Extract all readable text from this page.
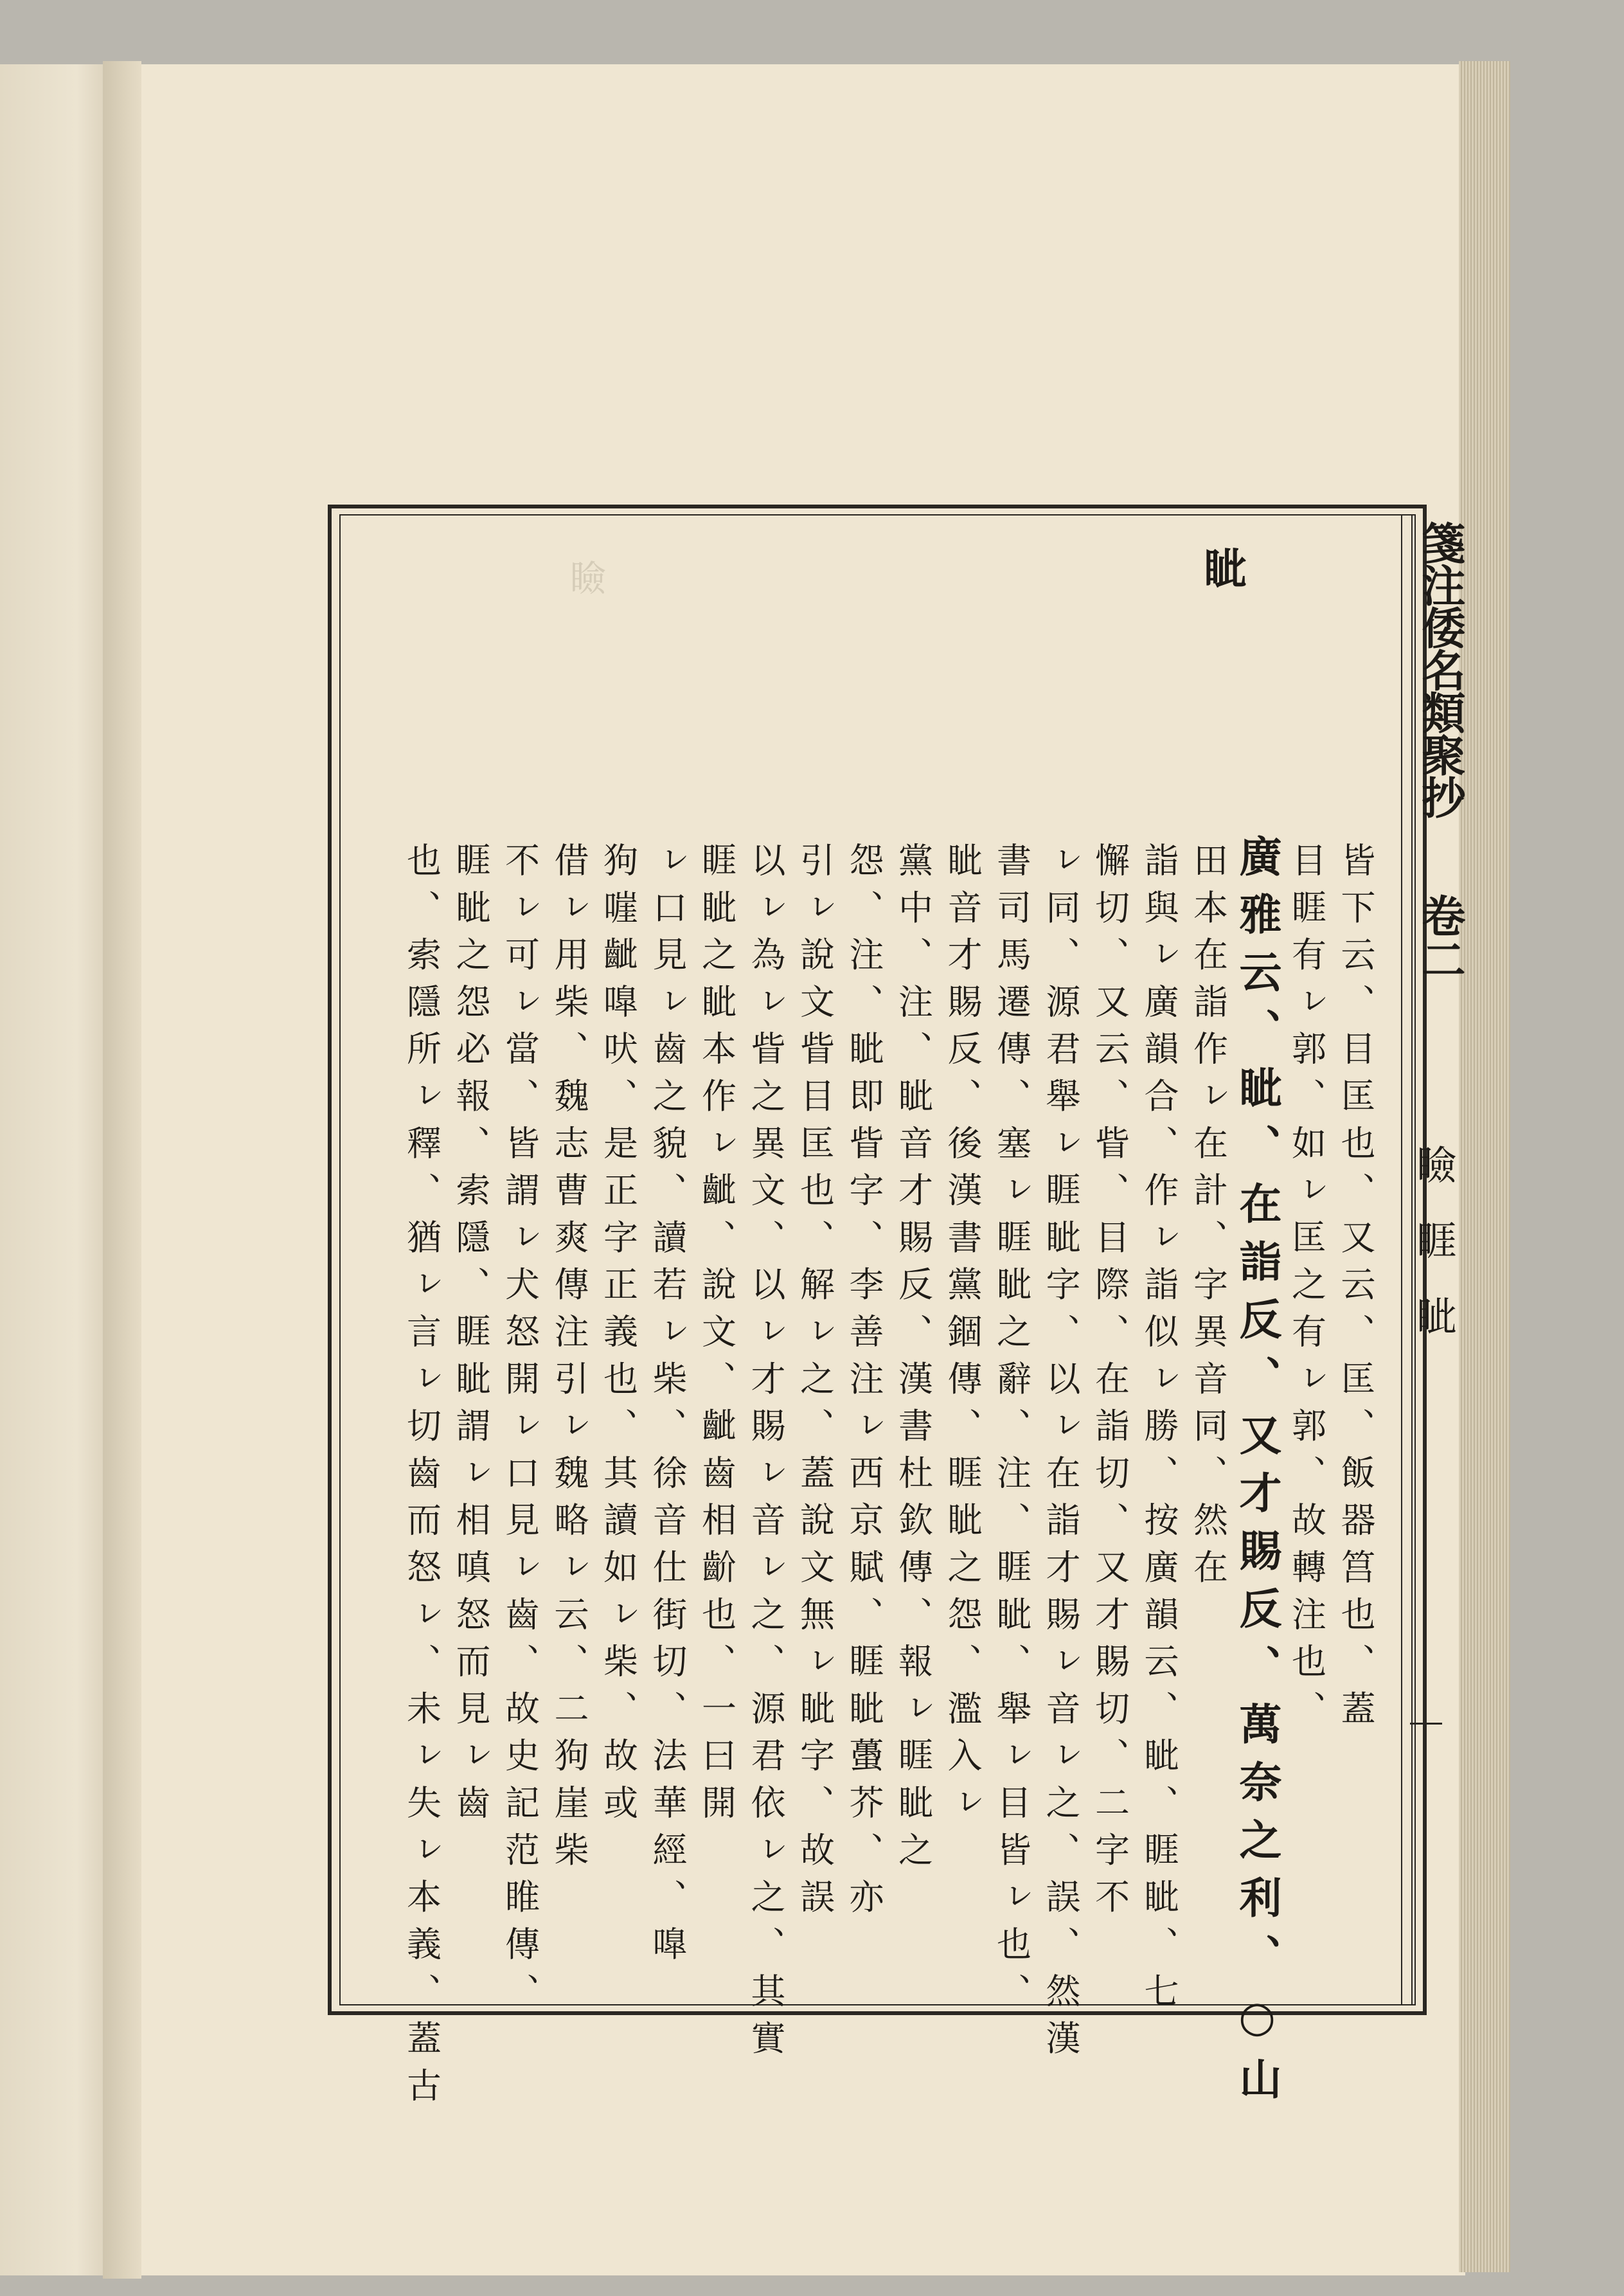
箋注倭名類聚抄
卷二
瞼 睚 眦
眦
瞼
皆下云、目匡也、又云、匡、飯器筥也、蓋
目睚有ㇾ郭、如ㇾ匡之有ㇾ郭、故轉注也、
廣雅云、眦、在詣反、又才賜反、萬奈之利、○山
田本在詣作ㇾ在計、字異音同、然在
詣與ㇾ廣韻合、作ㇾ詣似ㇾ勝、按廣韻云、眦、睚眦、七
懈切、又云、眥、目際、在詣切、又才賜切、二字不
ㇾ同、源君舉ㇾ睚眦字、以ㇾ在詣才賜ㇾ音ㇾ之、誤、然漢
書司馬遷傳、塞ㇾ睚眦之辭、注、睚眦、舉ㇾ目皆ㇾ也、
眦音才賜反、後漢書黨錮傳、睚眦之怨、濫入ㇾ
黨中、注、眦音才賜反、漢書杜欽傳、報ㇾ睚眦之
怨、注、眦即眥字、李善注ㇾ西京賦、睚眦蠆芥、亦
引ㇾ說文眥目匡也、解ㇾ之、蓋說文無ㇾ眦字、故誤
以ㇾ為ㇾ眥之異文、以ㇾ才賜ㇾ音ㇾ之、源君依ㇾ之、其實
睚眦之眦本作ㇾ齜、說文、齜齒相齘也、一曰開
ㇾ口見ㇾ齒之貌、讀若ㇾ柴、徐音仕街切、法華經、嘷
狗嘊齜嘷吠、是正字正義也、其讀如ㇾ柴、故或
借ㇾ用柴、魏志曹爽傳注引ㇾ魏略ㇾ云、二狗崖柴
不ㇾ可ㇾ當、皆謂ㇾ犬怒開ㇾ口見ㇾ齒、故史記范睢傳、
睚眦之怨必報、索隱、睚眦謂ㇾ相嗔怒而見ㇾ齒
也、索隱所ㇾ釋、猶ㇾ言ㇾ切齒而怒ㇾ、未ㇾ失ㇾ本義、蓋古
